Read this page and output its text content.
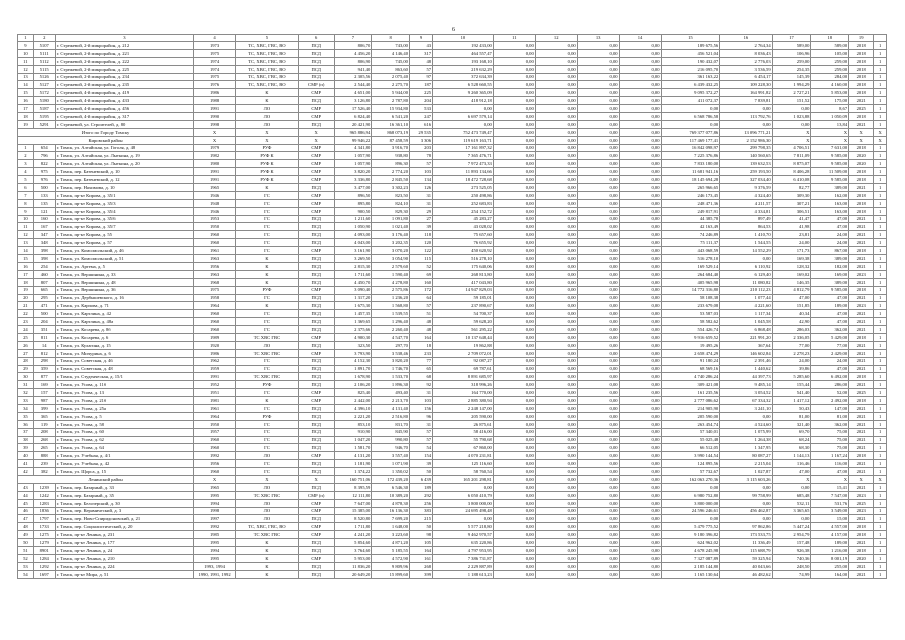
6
1	2	3	4	5	6	7	8	9	10	11	12	13	14	15	16	17	18	19	
9	5107	г. Стрежевой, 2-й микрорайон, д. 212	1973	ТС, ХВС, ГВС, ВО	ПСД	806,70	743,00	43	192 433,00	0,00	0,00	0,00	0,00	189 675,56	2 764,34	589,00	589,00	2018	1
10	5111	г. Стрежевой, 2-й микрорайон, д. 221	1975	ТС, ХВС, ГВС, ВО	ПСД	4 456,20	4 146,40	317	464 557,47	0,00	0,00	0,00	0,00	456 521,04	8 036,43	106,96	105,00	2018	1
11	5112	г. Стрежевой, 2-й микрорайон, д. 222	1974	ТС, ХВС, ГВС, ВО	ПСД	806,90	745,00	48	193 168,10	0,00	0,00	0,00	0,00	190 432,07	2 776,03	259,00	259,00	2018	1
12	5115	г. Стрежевой, 2-й микрорайон, д. 225	1974	ТС, ХВС, ГВС, ВО	ПСД	941,40	863,60	57	219 632,29	0,00	0,00	0,00	0,00	216 095,70	3 536,59	254,35	259,00	2018	1
13	5126	г. Стрежевой, 2-й микрорайон, д. 234	1975	ТС, ХВС, ГВС, ВО	ПСД	2 305,56	2 075,40	97	372 634,39	0,00	0,00	0,00	0,00	361 163,22	6 454,17	145,39	284,00	2018	1
14	5127	г. Стрежевой, 2-й микрорайон, д. 235	1976	ТС, ХВС, ГВС, ВО	СМР (п)	2 544,40	2 275,70	187	6 528 660,55	0,00	0,00	0,00	0,00	6 439 432,25	109 228,30	1 994,29	4 160,00	2018	1
15	5172	г. Стрежевой, 4-й микрорайон, д. 419	1986	К	СМР	4 651,00	5 944,00	225	9 260 365,09	0,00	0,00	0,00	0,00	9 095 372,27	164 991,82	2 727,21	5 853,00	2018	1
16	5180	г. Стрежевой, 4-й микрорайон, д. 433	1988	К	ПСД	3 126,80	2 787,80	204	418 912,18	0,00	0,00	0,00	0,00	411 072,37	7 839,81	151,52	175,00	2021	1
17	5187	г. Стрежевой, 4-й микрорайон, д. 456	1991	ЛО	СМР	17 526,40	15 934,80	533	0,00	0,00	0,00	0,00	0,00	0,00	0,00	0,00	8,67	2025	1
18	5195	г. Стрежевой, 4-й микрорайон, д. 317	1990	ЛО	СМР	6 824,40	6 541,20	247	6 697 579,14	0,00	0,00	0,00	0,00	6 568 786,58	113 792,76	1 023,88	1 050,09	2018	1
19	5291	г. Стрежевой, ул. Строителей, д. 80	1998	ЛО	ПСД	20 421,90	16 361,10	616	0,00	0,00	0,00	0,00	0,00	0,00	0,00	0,00	13,84	2021	1
Итого по Городу Томску			Х	Х	Х	965 886,94	868 073,19	29 535	752 473 749,47	0,00	0,00	0,00	0,00	769 377 077,86	13 096 771,21	Х	Х	Х	Х
Кировский район			Х	Х	Х	99 946,22	87 458,59	3 306	119 619 163,71	0,00	0,00	0,00	0,00	117 469 177,41	2 152 986,30	Х	Х	Х	Х
1	654	г. Томск, ул. Алтайская, ул. Гоголя, д. 48	1979	РУФ	СМР	4 341,80	3 916,70	203	17 161 897,32	0,00	0,00	0,00	0,00	16 842 098,97	299 798,35	4 706,51	7 631,00	2018	1
2	796	г. Томск, ул. Алтайская, ул. Лыткина, д. 19	1982	РУФ К	СМР	1 057,90	938,80	78	7 365 476,71	0,00	0,00	0,00	0,00	7 225 376,86	140 560,65	7 811,09	9 585,00	2020	1
3	822	г. Томск, ул. Алтайская, ул. Лыткина, д. 20	1980	РУФ К	СМР	1 057,90	896,30	57	7 972 473,33	0,00	0,00	0,00	0,00	7 833 180,00	139 632,53	8 875,07	9 585,00	2020	1
4	975	г. Томск, пер. Батеневский, д. 10	1991	РУФ К	СМР	3 820,20	2 774,20	103	11 893 134,66	0,00	0,00	0,00	0,00	11 681 941,16	259 193,50	8 406,28	11 509,00	2018	1
5	976	г. Томск, пер. Батеневский, д. 12	1991	РУФ К	СМР	3 336,80	2 845,50	134	18 472 728,68	0,00	0,00	0,00	0,00	18 145 694,28	327 034,40	6 410,08	9 585,00	2018	1
6	500	г. Томск, пер. Нахимова, д. 10	1965	К	ПСД	3 477,00	3 302,23	126	273 525,05	0,00	0,00	0,00	0,00	265 966,65	9 376,59	82,77	389,00	2021	1
7	133	г. Томск, пр-кт Кирова, д. 35/1	1946	ГС	СМР	896,50	823,50	31	250 498,86	0,00	0,00	0,00	0,00	246 173,45	4 324,40	309,30	162,00	2018	1
8	135	г. Томск, пр-кт Кирова, д. 35/3	1948	ГС	СМР	895,80	824,10	31	252 683,83	0,00	0,00	0,00	0,00	248 471,36	4 211,57	307,21	163,00	2018	1
9	121	г. Томск, пр-кт Кирова, д. 35/4	1946	ГС	СМР	900,50	829,30	29	254 152,72	0,00	0,00	0,00	0,00	249 817,91	4 334,81	306,51	163,00	2018	1
10	160	г. Томск, пр-кт Кирова, д. 35/6	1953	ГС	ПСД	1 211,60	1 091,80	27	45 283,27	0,00	0,00	0,00	0,00	44 385,78	897,49	41,47	47,00	2021	1
11	167	г. Томск, пр-кт Кирова, д. 35/7	1950	ГС	ПСД	1 050,90	1 021,40	39	43 028,02	0,00	0,00	0,00	0,00	42 163,49	864,53	41,98	47,00	2021	1
12	347	г. Томск, пр-кт Кирова, д. 55	1960	ГС	ПСД	4 093,00	3 176,40	118	75 657,60	0,00	0,00	0,00	0,00	74 246,89	1 410,70	23,81	24,00	2021	1
13	348	г. Томск, пр-кт Кирова, д. 57	1960	ГС	ПСД	4 043,00	3 202,35	120	76 655,92	0,00	0,00	0,00	0,00	75 111,37	1 544,55	24,00	24,00	2021	1
14	398	г. Томск, ул. Комсомольский, д. 46	1961	ГС	СМР	3 161,90	3 070,20	122	450 620,92	0,00	0,00	0,00	0,00	443 068,59	14 552,29	171,73	867,00	2018	1
15	398	г. Томск, ул. Комсомольский, д. 51	1963	К	ПСД	3 269,50	3 054,90	115	516 278,10	0,00	0,00	0,00	0,00	516 278,10	0,00	169,38	389,00	2021	1
16	254	г. Томск, ул. Артема, д. 5	1956	К	ПСД	2 815,30	2 579,60	52	175 640,06	0,00	0,00	0,00	0,00	169 529,14	6 110,92	128,32	182,00	2021	1
17	460	г. Томск, ул. Вершинина, д. 33	1963	К	ПСД	1 711,60	1 590,40	69	268 813,80	0,00	0,00	0,00	0,00	264 684,40	6 129,40	169,02	169,00	2023	1
18	807	г. Томск, ул. Вершинина, д. 48	1968	К	ПСД	4 450,70	4 278,80	160	417 043,80	0,00	0,00	0,00	0,00	405 965,98	11 080,82	146,35	389,00	2021	1
19	665	г. Томск, ул. Вершинина, д. 36	1975	РУФ	СМР	3 090,40	2 575,86	172	14 947 829,03	0,00	0,00	0,00	0,00	14 772 316,80	210 112,23	4 812,79	9 585,00	2018	1
20	295	г. Томск, ул. Дербышевского, д. 16	1958	ГС	ПСД	1 317,20	1 236,20	64	59 185,01	0,00	0,00	0,00	0,00	58 108,38	1 077,44	47,00	47,00	2021	1
21	471	г. Томск, ул. Карпова, д. 71	1964	К	ПСД	1 675,30	1 568,80	57	237 890,67	0,00	0,00	0,00	0,00	233 679,08	4 221,60	151,85	189,00	2023	1
22	500	г. Томск, ул. Картлина, д. 42	1960	ГС	ПСД	1 457,35	1 539,55	51	54 700,37	0,00	0,00	0,00	0,00	53 587,03	1 117,34	40,34	47,00	2021	1
23	204	г. Томск, ул. Картлина, д. 48а	1960	ГС	ПСД	1 369,65	1 296,40	48	59 628,20	0,00	0,00	0,00	0,00	58 582,62	1 045,58	42,90	47,00	2021	1
24	351	г. Томск, ул. Косарева, д. 8б	1960	ГС	ПСД	2 375,66	2 260,40	48	561 295,22	0,00	0,00	0,00	0,00	554 426,74	6 868,48	286,03	362,00	2021	1
25	811	г. Томск, ул. Косарева, д. 6	1989	ТС ХВС ГВС	СМР	4 900,30	4 547,70	164	10 137 648,44	0,00	0,00	0,00	0,00	9 916 659,52	221 991,20	2 336,05	5 429,00	2018	1
26	14	г. Томск, ул. Кулагина, д. 15	1920	ЛО	ПСД	323,50	297,70	18	19 862,88	0,00	0,00	0,00	0,00	19 495,26	367,64	77,00	77,00	2021	1
27	812	г. Томск, ул. Мичурина, д. 6	1986	ТС ХВС ГВС	СМР	3 793,90	3 538,46	233	2 709 072,01	0,00	0,00	0,00	0,00	2 658 474,29	146 602,84	2 278,23	2 429,00	2021	1
28	298	г. Томск, ул. Советская, д. 46	1962	ГС	ПСД	4 152,30	3 820,20	77	92 087,27	0,00	0,00	0,00	0,00	91 180,24	2 391,46	24,00	24,00	2021	1
29	359	г. Томск, ул. Советская, д. 48	1959	ГС	ПСД	1 891,70	1 746,70	65	69 787,61	0,00	0,00	0,00	0,00	68 569,16	1 440,62	39,86	47,00	2021	1
30	877	г. Томск, ул. Студенческая, д. 15/1	1991	ТС ХВС ГВС	ПСД	1 678,90	1 533,70	68	8 891 685,97	0,00	0,00	0,00	0,00	4 740 286,24	44 397,73	5 285,60	6 492,00	2018	1
31	169	г. Томск, ул. Усова, д. 11б	1952	РУФ	ПСД	2 106,20	1 896,30	92	318 996,26	0,00	0,00	0,00	0,00	309 421,08	9 485,14	155,44	286,00	2021	1
32	157	г. Томск, ул. Усова, д. 13	1951	ГС	СМР	825,40	493,40	31	164 770,00	0,00	0,00	0,00	0,00	161 235,56	3 054,52	541,40	52,00	2025	1
33	987	г. Томск, ул. Усова, д. 21б	1981	К	СМР	2 442,00	2 213,70	103	2 885 380,94	0,00	0,00	0,00	0,00	2 777 086,62	67 334,32	1 417,12	2 492,00	2018	1
34	399	г. Томск, ул. Усова, д. 25а	1961	ГС	ПСД	4 396,10	4 131,40	156	2 248 147,00	0,00	0,00	0,00	0,00	214 905,90	3 241,10	50,43	147,00	2021	1
35	365	г. Томск, ул. Усова, д. 5	1964	РУФ	ПСД	2 221,20	2 516,80	96	205 590,00	0,00	0,00	0,00	0,00	205 590,00	0,00	81,00	81,00	2021	1
36	119	г. Томск, ул. Усова, д. 58	1950	ГС	ПСД	853,10	831,70	31	26 875,61	0,00	0,00	0,00	0,00	263 454,74	4 524,60	321,40	362,00	2021	1
37	208	г. Томск, ул. Усова, д. 60	1957	ГС	ПСД	910,90	845,90	57	58 416,00	0,00	0,00	0,00	0,00	57 340,01	1 075,99	69,70	75,00	2021	1
38	268	г. Томск, ул. Усова, д. 62	1960	ГС	ПСД	1 047,20	990,80	57	55 790,68	0,00	0,00	0,00	0,00	55 025,48	1 264,38	68,24	75,00	2021	1
39	265	г. Томск, ул. Усова, д. 64	1960	ГС	ПСД	1 581,70	946,70	54	67 860,00	0,00	0,00	0,00	0,00	66 512,05	1 347,95	68,30	75,00	2021	1
40	888	г. Томск, ул. Учебная, д. 4/1	1992	ЛО	СМР	4 131,20	3 557,40	154	4 070 231,81	0,00	0,00	0,00	0,00	3 990 144,54	80 087,27	1 144,13	1 167,24	2018	1
41	239	г. Томск, ул. Учебная, д. 42	1956	ГС	ПСД	1 181,90	1 071,90	39	125 116,60	0,00	0,00	0,00	0,00	124 895,56	2 215,04	116,46	116,00	2021	1
42	382	г. Томск, ул. Щорса, д. 15	1960	ГС	ПСД	1 374,22	1 350,02	50	58 760,54	0,00	0,00	0,00	0,00	57 732,67	1 027,87	47,00	47,00	2021	1
Ленинский район			Х	Х	Х	160 751,06	172 439,20	6 439	165 201 298,81	0,00	0,00	0,00	0,00	162 063 270,36	3 115 603,26	Х	Х	Х	Х
43	1239	г. Томск, пер. Базарный, д. 33	1965	ЛО	ПСД	8 395,59	6 546,30	189	0,00	0,00	0,00	0,00	0,00	0,00	0,00	0,00	15,41	2021	1
44	1242	г. Томск, пер. Базарный, д. 35	1995	ТС ХВС ГВС	СМР (п)	12 111,80	10 389,20	292	6 050 410,79	0,00	0,00	0,00	0,00	6 980 752,80	99 758,99	685,48	7 547,00	2023	1
45	1283	г. Томск, пер. Белозерский, д. 30	1994	ЛО	СМР	7 647,00	4 878,30	256	3 800 000,00	0,00	0,00	0,00	0,00	3 800 000,00	0,00	532,11	531,76	2025	1
46	1836	г. Томск, пер. Керамический, д. 3	1998	ЛО	СМР	15 385,00	16 136,30	383	24 695 498,48	0,00	0,00	0,00	0,00	24 596 246,61	456 462,87	3 365,65	3 549,00	2023	1
47	1797	г. Томск, пер. Ново-Спиридоновский, д. 21	1997	ЛО	ПСД	8 520,80	7 699,20	215	0,00	0,00	0,00	0,00	0,00	0,00	0,00	0,00	15,00	2021	1
48	1733	г. Томск, пер. Социалистический, д. 20	1992	ТС, ХВС, ГВС, ВО	СМР	1 711,80	1 648,00	50	5 577 218,80	0,00	0,00	0,00	0,00	5 479 775,52	97 862,86	5 447,24	4 557,00	2018	1
49	1275	г. Томск, пр-кт Ленина, д. 231	1985	ТС ХВС ГВС	СМР	4 241,20	3 223,60	98	9 462 970,57	0,00	0,00	0,00	0,00	9 180 396,82	173 533,75	2 954,79	4 157,00	2018	1
50	1279	г. Томск, пр-кт Ленина, д. 177	1995	К	ПСД	5 854,60	4 871,20	105	635 220,86	0,00	0,00	0,00	0,00	624 962,02	11 336,49	157,48	189,00	2021	1
51	8901	г. Томск, пр-кт Ленина, д. 24	1994	К	ПСД	3 764,60	5 185,55	164	4 797 953,95	0,00	0,00	0,00	0,00	4 678 245,98	115 688,79	926,38	1 216,00	2018	1
52	1284	г. Томск, пр-кт Ленина, д. 210	1995	К	СМР	5 953,00	4 572,90	161	7 386 731,87	0,00	0,00	0,00	0,00	7 327 087,89	59 325,94	740,36	8 001,19	2020	1
53	1292	г. Томск, пр-кт Ленина, д. 224	1993, 1994	К	ПСД	11 836,20	9 809,96	268	2 229 887,89	0,00	0,00	0,00	0,00	2 185 144,80	40 043,66	248,50	255,00	2021	1
54	1697	г. Томск, пр-кт Мира, д. 51	1990, 1991, 1992	К	ПСД	20 649,20	15 899,60	399	1 188 613,23	0,00	0,00	0,00	0,00	1 165 130,64	46 482,62	74,99	164,00	2021	1
